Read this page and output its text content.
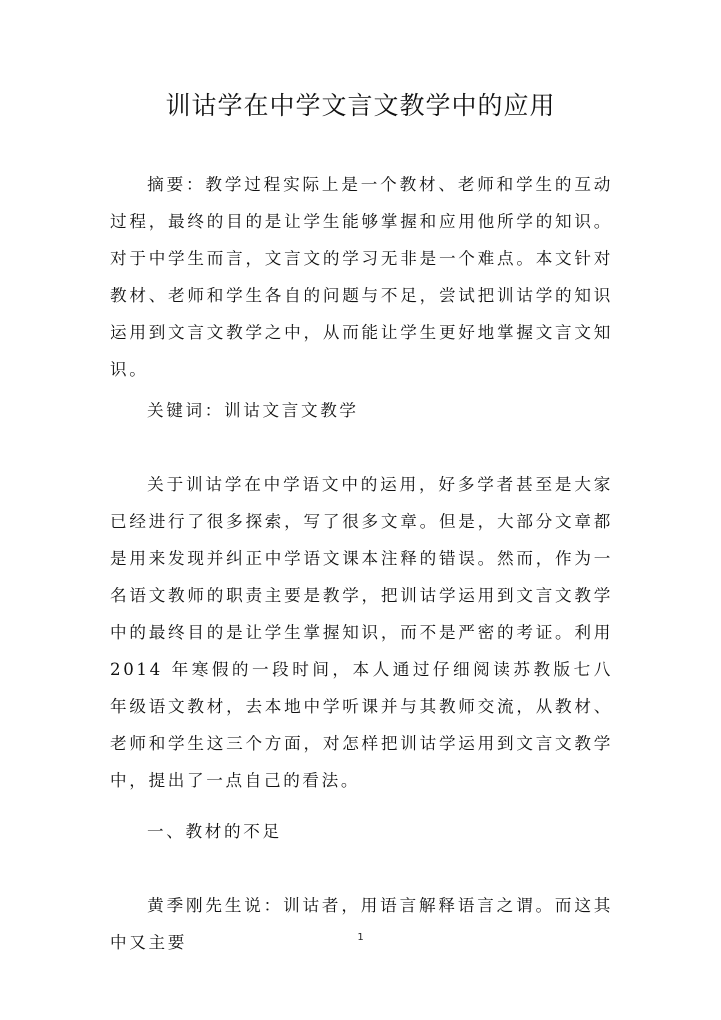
训诂学在中学文言文教学中的应用
摘要：教学过程实际上是一个教材、老师和学生的互动过程，最终的目的是让学生能够掌握和应用他所学的知识。对于中学生而言，文言文的学习无非是一个难点。本文针对教材、老师和学生各自的问题与不足，尝试把训诂学的知识运用到文言文教学之中，从而能让学生更好地掌握文言文知识。
关键词：训诂文言文教学
关于训诂学在中学语文中的运用，好多学者甚至是大家已经进行了很多探索，写了很多文章。但是，大部分文章都是用来发现并纠正中学语文课本注释的错误。然而，作为一名语文教师的职责主要是教学，把训诂学运用到文言文教学中的最终目的是让学生掌握知识，而不是严密的考证。利用 2014 年寒假的一段时间，本人通过仔细阅读苏教版七八年级语文教材，去本地中学听课并与其教师交流，从教材、老师和学生这三个方面，对怎样把训诂学运用到文言文教学中，提出了一点自己的看法。
一、教材的不足
黄季刚先生说：训诂者，用语言解释语言之谓。而这其中又主要	1
